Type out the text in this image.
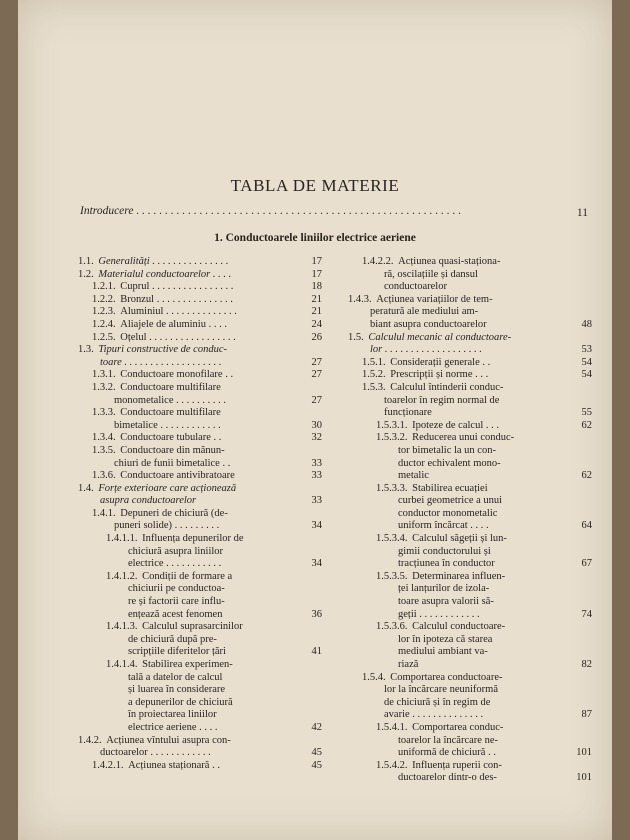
TABLA DE MATERIE
Introducere . . . . . . . . . . . . . . . . . . . . . . . . . . . . . . . . . . . . . . . . . . . . . . . . . . . . . . . . .	11
1. Conductoarele liniilor electrice aeriene
1.1. Generalități . . . . . . . . . . . . . . .	17
1.2. Materialul conductoarelor . . . .	17
1.2.1. Cuprul . . . . . . . . . . . . . . . .	18
1.2.2. Bronzul . . . . . . . . . . . . . . .	21
1.2.3. Aluminiul . . . . . . . . . . . . . .	21
1.2.4. Aliajele de aluminiu . . . .	24
1.2.5. Oțelul . . . . . . . . . . . . . . . . .	26
1.3. Tipuri constructive de conduc-
toare . . . . . . . . . . . . . . . . . . .	27
1.3.1. Conductoare monofilare . .	27
1.3.2. Conductoare multifilare
monometalice . . . . . . . . . .	27
1.3.3. Conductoare multifilare
bimetalice . . . . . . . . . . . .	30
1.3.4. Conductoare tubulare . .	32
1.3.5. Conductoare din mănun-
chiuri de funii bimetalice . .	33
1.3.6. Conductoare antivibratoare	33
1.4. Forțe exterioare care acționează
asupra conductoarelor	33
1.4.1. Depuneri de chiciură (de-
puneri solide) . . . . . . . . .	34
1.4.1.1. Influența depunerilor de
chiciură asupra liniilor
electrice . . . . . . . . . . .	34
1.4.1.2. Condiții de formare a
chiciurii pe conductoa-
re și factorii care influ-
ențează acest fenomen	36
1.4.1.3. Calculul suprasarcinilor
de chiciură după pre-
scripțiile diferitelor țări	41
1.4.1.4. Stabilirea experimen-
tală a datelor de calcul
și luarea în considerare
a depunerilor de chiciură
în proiectarea liniilor
electrice aeriene . . . .	42
1.4.2. Acțiunea vîntului asupra con-
ductoarelor . . . . . . . . . . . .	45
1.4.2.1. Acțiunea staționară . .	45
1.4.2.2. Acțiunea quasi-staționa-
ră, oscilațiile și dansul
conductoarelor
1.4.3. Acțiunea variațiilor de tem-
peratură ale mediului am-
biant asupra conductoarelor	48
1.5. Calculul mecanic al conductoare-
lor . . . . . . . . . . . . . . . . . . .	53
1.5.1. Considerații generale . .	54
1.5.2. Prescripții și norme . . .	54
1.5.3. Calculul întinderii conduc-
toarelor în regim normal de
funcționare	55
1.5.3.1. Ipoteze de calcul . . .	62
1.5.3.2. Reducerea unui conduc-
tor bimetalic la un con-
ductor echivalent mono-
metalic	62
1.5.3.3. Stabilirea ecuației
curbei geometrice a unui
conductor monometalic
uniform încărcat . . . .	64
1.5.3.4. Calculul săgeții și lun-
gimii conductorului și
tracțiunea în conductor	67
1.5.3.5. Determinarea influen-
ței lanțurilor de izola-
toare asupra valorii să-
geții . . . . . . . . . . . .	74
1.5.3.6. Calculul conductoare-
lor în ipoteza că starea
mediului ambiant va-
riază	82
1.5.4. Comportarea conductoare-
lor la încărcare neuniformă
de chiciură și în regim de
avarie . . . . . . . . . . . . . .	87
1.5.4.1. Comportarea conduc-
toarelor la încărcare ne-
uniformă de chiciură . .	101
1.5.4.2. Influența ruperii con-
ductoarelor dintr-o des-	101
